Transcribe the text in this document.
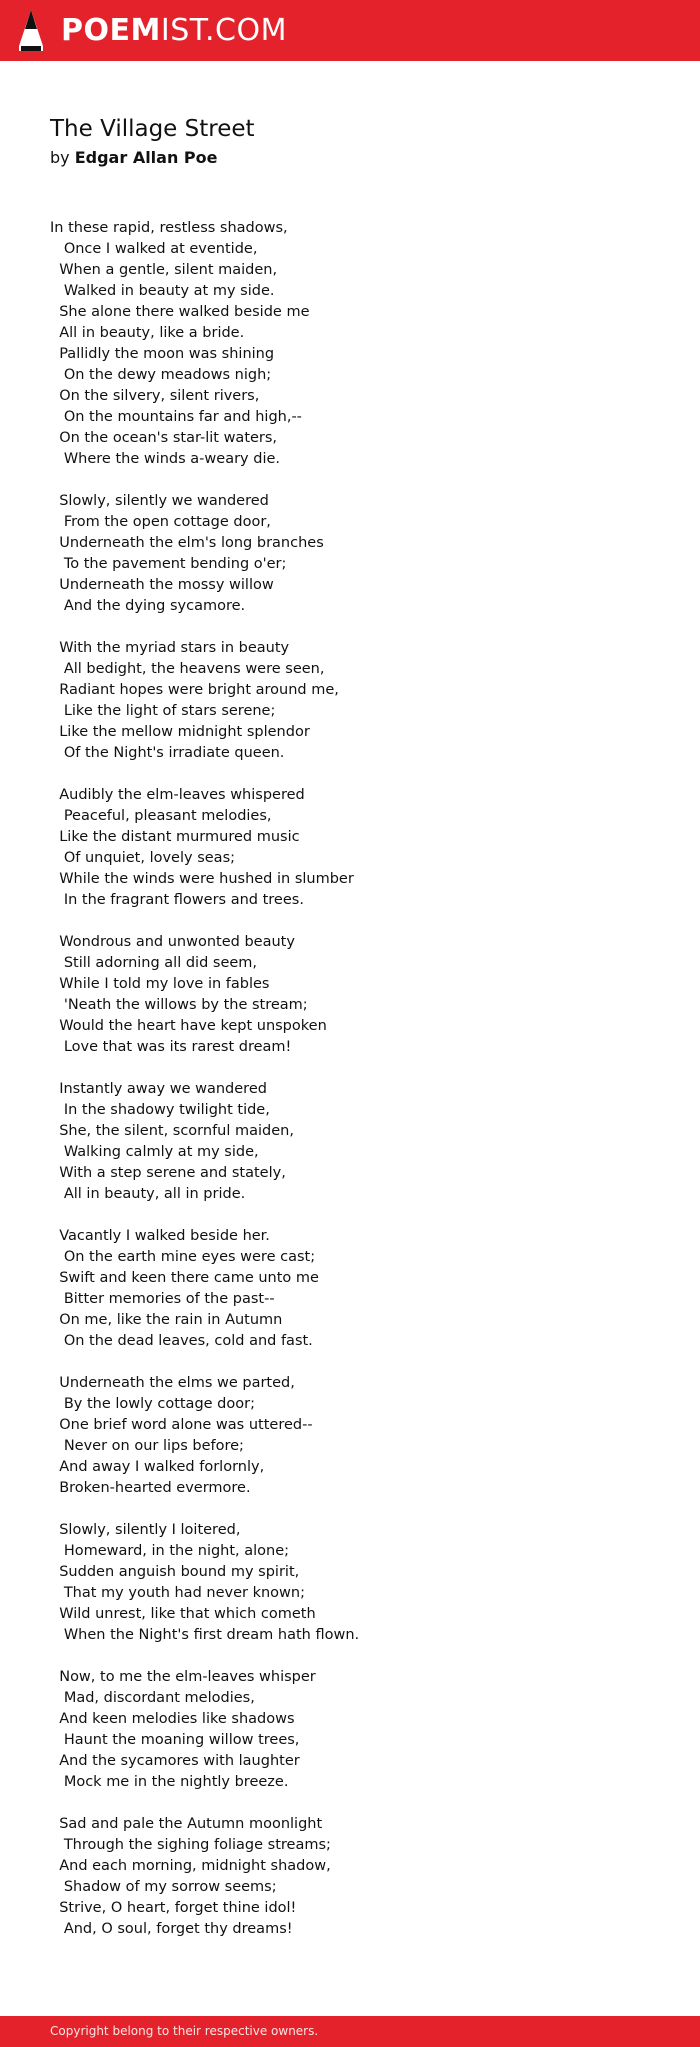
POEMIST.COM
The Village Street
by Edgar Allan Poe
In these rapid, restless shadows,
Once I walked at eventide,
When a gentle, silent maiden,
Walked in beauty at my side.
She alone there walked beside me
All in beauty, like a bride.
Pallidly the moon was shining
On the dewy meadows nigh;
On the silvery, silent rivers,
On the mountains far and high,--
On the ocean's star-lit waters,
Where the winds a-weary die.

Slowly, silently we wandered
From the open cottage door,
Underneath the elm's long branches
To the pavement bending o'er;
Underneath the mossy willow
And the dying sycamore.

With the myriad stars in beauty
All bedight, the heavens were seen,
Radiant hopes were bright around me,
Like the light of stars serene;
Like the mellow midnight splendor
Of the Night's irradiate queen.

Audibly the elm-leaves whispered
Peaceful, pleasant melodies,
Like the distant murmured music
Of unquiet, lovely seas;
While the winds were hushed in slumber
In the fragrant flowers and trees.

Wondrous and unwonted beauty
Still adorning all did seem,
While I told my love in fables
'Neath the willows by the stream;
Would the heart have kept unspoken
Love that was its rarest dream!

Instantly away we wandered
In the shadowy twilight tide,
She, the silent, scornful maiden,
Walking calmly at my side,
With a step serene and stately,
All in beauty, all in pride.

Vacantly I walked beside her.
On the earth mine eyes were cast;
Swift and keen there came unto me
Bitter memories of the past--
On me, like the rain in Autumn
On the dead leaves, cold and fast.

Underneath the elms we parted,
By the lowly cottage door;
One brief word alone was uttered--
Never on our lips before;
And away I walked forlornly,
Broken-hearted evermore.

Slowly, silently I loitered,
Homeward, in the night, alone;
Sudden anguish bound my spirit,
That my youth had never known;
Wild unrest, like that which cometh
When the Night's first dream hath flown.

Now, to me the elm-leaves whisper
Mad, discordant melodies,
And keen melodies like shadows
Haunt the moaning willow trees,
And the sycamores with laughter
Mock me in the nightly breeze.

Sad and pale the Autumn moonlight
Through the sighing foliage streams;
And each morning, midnight shadow,
Shadow of my sorrow seems;
Strive, O heart, forget thine idol!
And, O soul, forget thy dreams!
Copyright belong to their respective owners.
